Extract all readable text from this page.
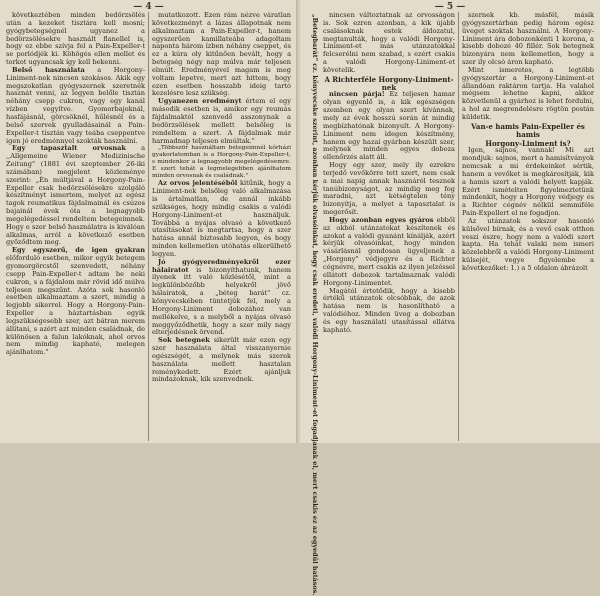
— 4 —

következtében minden bedörzsölés után a kezeket tisztára kell mosni; gyógybetegségnél ugyanez a bedörzsölésekre használt flanellel is, hogy ez ebbe szívja fel a Pain-Expeller-t se porlódjék ki. Köhögés ellen mellet és torkot ugyancsak így kell bekenni.

Belső használata a Horgony-Liniment-nek nincsen szokásos. Akik egy megszokatlan gyógyszernek szeretnék hasznát venni, az legyen belőle tisztán néhány csepp cukron, vagy egy kanál vízben vegyítve. Gyomorbajoknál, hasfájásnál, görcsöknél, hűlésnél és a belső szervek gyulladásainál a Pain-Expeller-t tisztán vagy teába cseppentve igen jó eredménnyel szokták használni.

Egy tapasztalt orvosnak a ,,Allgemeine Wiener Medizinische Zeitung" (1881 évi szeptember 26-iki számában) megjelent közleménye szerint: „Én múltjával a Horgony-Pain-Expeller csak bedörzsölésekre szolgáló készítményt ismertem, melyet az egész tagok reumatikus fájdalmainál és csúzos bajainál évek óta a legnagyobb megelégedéssel rendeltem betegeimnek. Hogy e szer belső használatra is kiválóan alkalmas, arról a következő esetben győződtem meg.

Egy egyszerű, de igen gyakran előforduló esetben, mikor egyik betegem gyomorgörcstől szenvedett, néhány csepp Pain-Expeller-t adtam be neki cukron, s a fájdalom már rövid idő múlva teljesen megszűnt. Azóta sok hasonló esetben alkalmaztam a szert, mindig a legjobb sikerrel. Hogy a Horgony-Pain-Expeller a háztartásban egyik legszükségesebb szer, azt bátran merem állítani, s azért azt minden családnak, de különösen a falun lakóknak, ahol orvos nem mindig kapható, melegen ajánlhatom."

mutatkozott. Ezen rám nézve váratlan következményt a lázas állapotnak nem alkalmaztam a Pain-Expeller-t, hanem egyszerűen kamillateába adagoltam naponta három ízben néhány cseppet, és ez a kúra oly kitűnően bevált, hogy a betegség négy nap múlva már teljesen elmúlt. Eredményével magam is meg voltam lepetve, mert azt hittem, hogy ezen esetben hosszabb ideig tartó kezelésre lesz szükség.

Ugyanezen eredményt értem el egy második esetben is, amikor egy reumás fájdalmaktól szenvedő asszonynak a bedörzsölések mellett belsőleg is rendeltem a szert. A fájdalmak már harmadnap teljesen elmúltak."

„Többször használtam betegeimnél kórházi gyakorlatomban is a Horgony-Pain-Expeller-t, s mindenkor a legnagyobb megelégedésemre. E szert tehát a legmelegebben ajánlhatom minden orvosnak és családnak."

Az orvos jelentéséből kitűnik, hogy a Liniment-nek belsőleg való alkalmazása is ártalmatlan, de annál inkább szükséges, hogy mindig csakis a valódi Horgony-Liniment-et használjuk. Továbbá a nyájas olvasó a következő utasításokat is megtartsa, hogy a szer hatása annál biztosabb legyen, és hogy minden kellemetlen utóhatás elkerülhető legyen.

Jó gyógyeredményekről ezer hálairatot is bizonyíthatunk, hanem ilyenek itt való közlésétől, mint a legkülönbözőbb helyekről jövő hálairatok, a „béteg barát" cz. könyvecskében tüntetjük fel, mely a Horgony-Liniment dobozához van mellékelve, s a melyből a nyájas olvasó meggyőződhetik, hogy a szer mily nagy elterjedésnek örvend.

Sok betegnek sikerült már ezen egy szer használata által visszanyernie egészségét, a melynek más szerek használata mellett hasztalan reménykedett. Ezért ajánljuk mindazoknak, kik szenvednek.

— 5 —
„Betegbarát" cz. könyvecske szerint, azonban kérjük olvasóinkat, hogy csak eredeti, valódi Horgony-Liniment-et fogadjanak el, mert csakis ez az egyedül hatásos.	nincsen változtatnak az orvosságon is. Sok ezren azonban, a kik újabb csalásoknak estek áldozatul, megtanulták, hogy a valódi Horgony-Liniment-et más utánzatokkal felcserélni nem szabad, s ezért csakis a valódi Horgony-Liniment-et követelik.

A Richterféle Horgony-Liniment-nek

nincsen párja! Ez teljesen hamar olyan egyenlő is, a kik egészségen szemben egy olyan szert kívánnak, mely az évek hosszú során át mindig megbízhatónak bizonyult. A Horgony-Liniment nem idegen készítmény, hanem egy hazai gyárban készült szer, melynek minden egyes doboza ellenőrzés alatt áll.

Hogy egy szer, mely ily ezrekre terjedő vevőkörre tett szert, nem csak a mai napig annak hasznáról tesznek tanúbizonyságot, az mindig meg fog maradni, azt kétségtelen tény bizonyítja, a melyet a tapasztalat is megerősít.

Hogy azonban egyes gyáros ebből az okból utánzatokat készítenek és azokat a valódi gyanánt kínálják, azért kérjük olvasóinkat, hogy minden vásárlásnál gondosan ügyeljenek a „Horgony" védjegyre és a Richter cégnévre, mert csakis az ilyen jelzéssel ellátott dobozok tartalmaznak valódi Horgony-Linimentet.

Magától értetődik, hogy a kisebb értékű utánzatok olcsóbbak, de azok hatása nem is hasonlítható a valódiéhoz. Minden üveg a dobozban és egy használati utasítással ellátva kapható.

szernek kb. másfél, másik gyógyszertárban pedig három egész üveget szoktak használni. A Horgony-Liniment ára dobozonkénti 1 korona, a kisebb dobozé 40 fillér. Sok betegnek bizonyára nem kellemetlen, hogy a szer ily olcsó áron kapható.

Mint ismeretes, a legtöbb gyógyszertár a Horgony-Liniment-et állandóan raktáron tartja. Ha valahol mégsem lehetne kapni, akkor közvetlenül a gyárhoz is lehet fordulni, a hol az megrendelésre rögtön postán küldetik.

Van-e hamis Pain-Expeller és hamis

Horgony-Liniment is?

Igen, sajnos, vannak! Mi azt mondjuk: sajnos, mert a hamisítványok nemcsak a mi érdekeinket sértik, hanem a vevőket is megkárosítják, kik a hamis szert a valódi helyett kapják. Ezért ismételten figyelmeztetünk mindenkit, hogy a Horgony védjegy és a Richter cégnév nélkül semmiféle Pain-Expellert el ne fogadjon.

Az utánzatok sokszor hasonló külsővel bírnak, és a vevő csak otthon veszi észre, hogy nem a valódi szert kapta. Ha tehát valaki nem ismeri közelebbről a valódi Horgony-Liniment külsejét, vegye figyelembe a következőket: 1.) a 5 oldalon ábrázolt
